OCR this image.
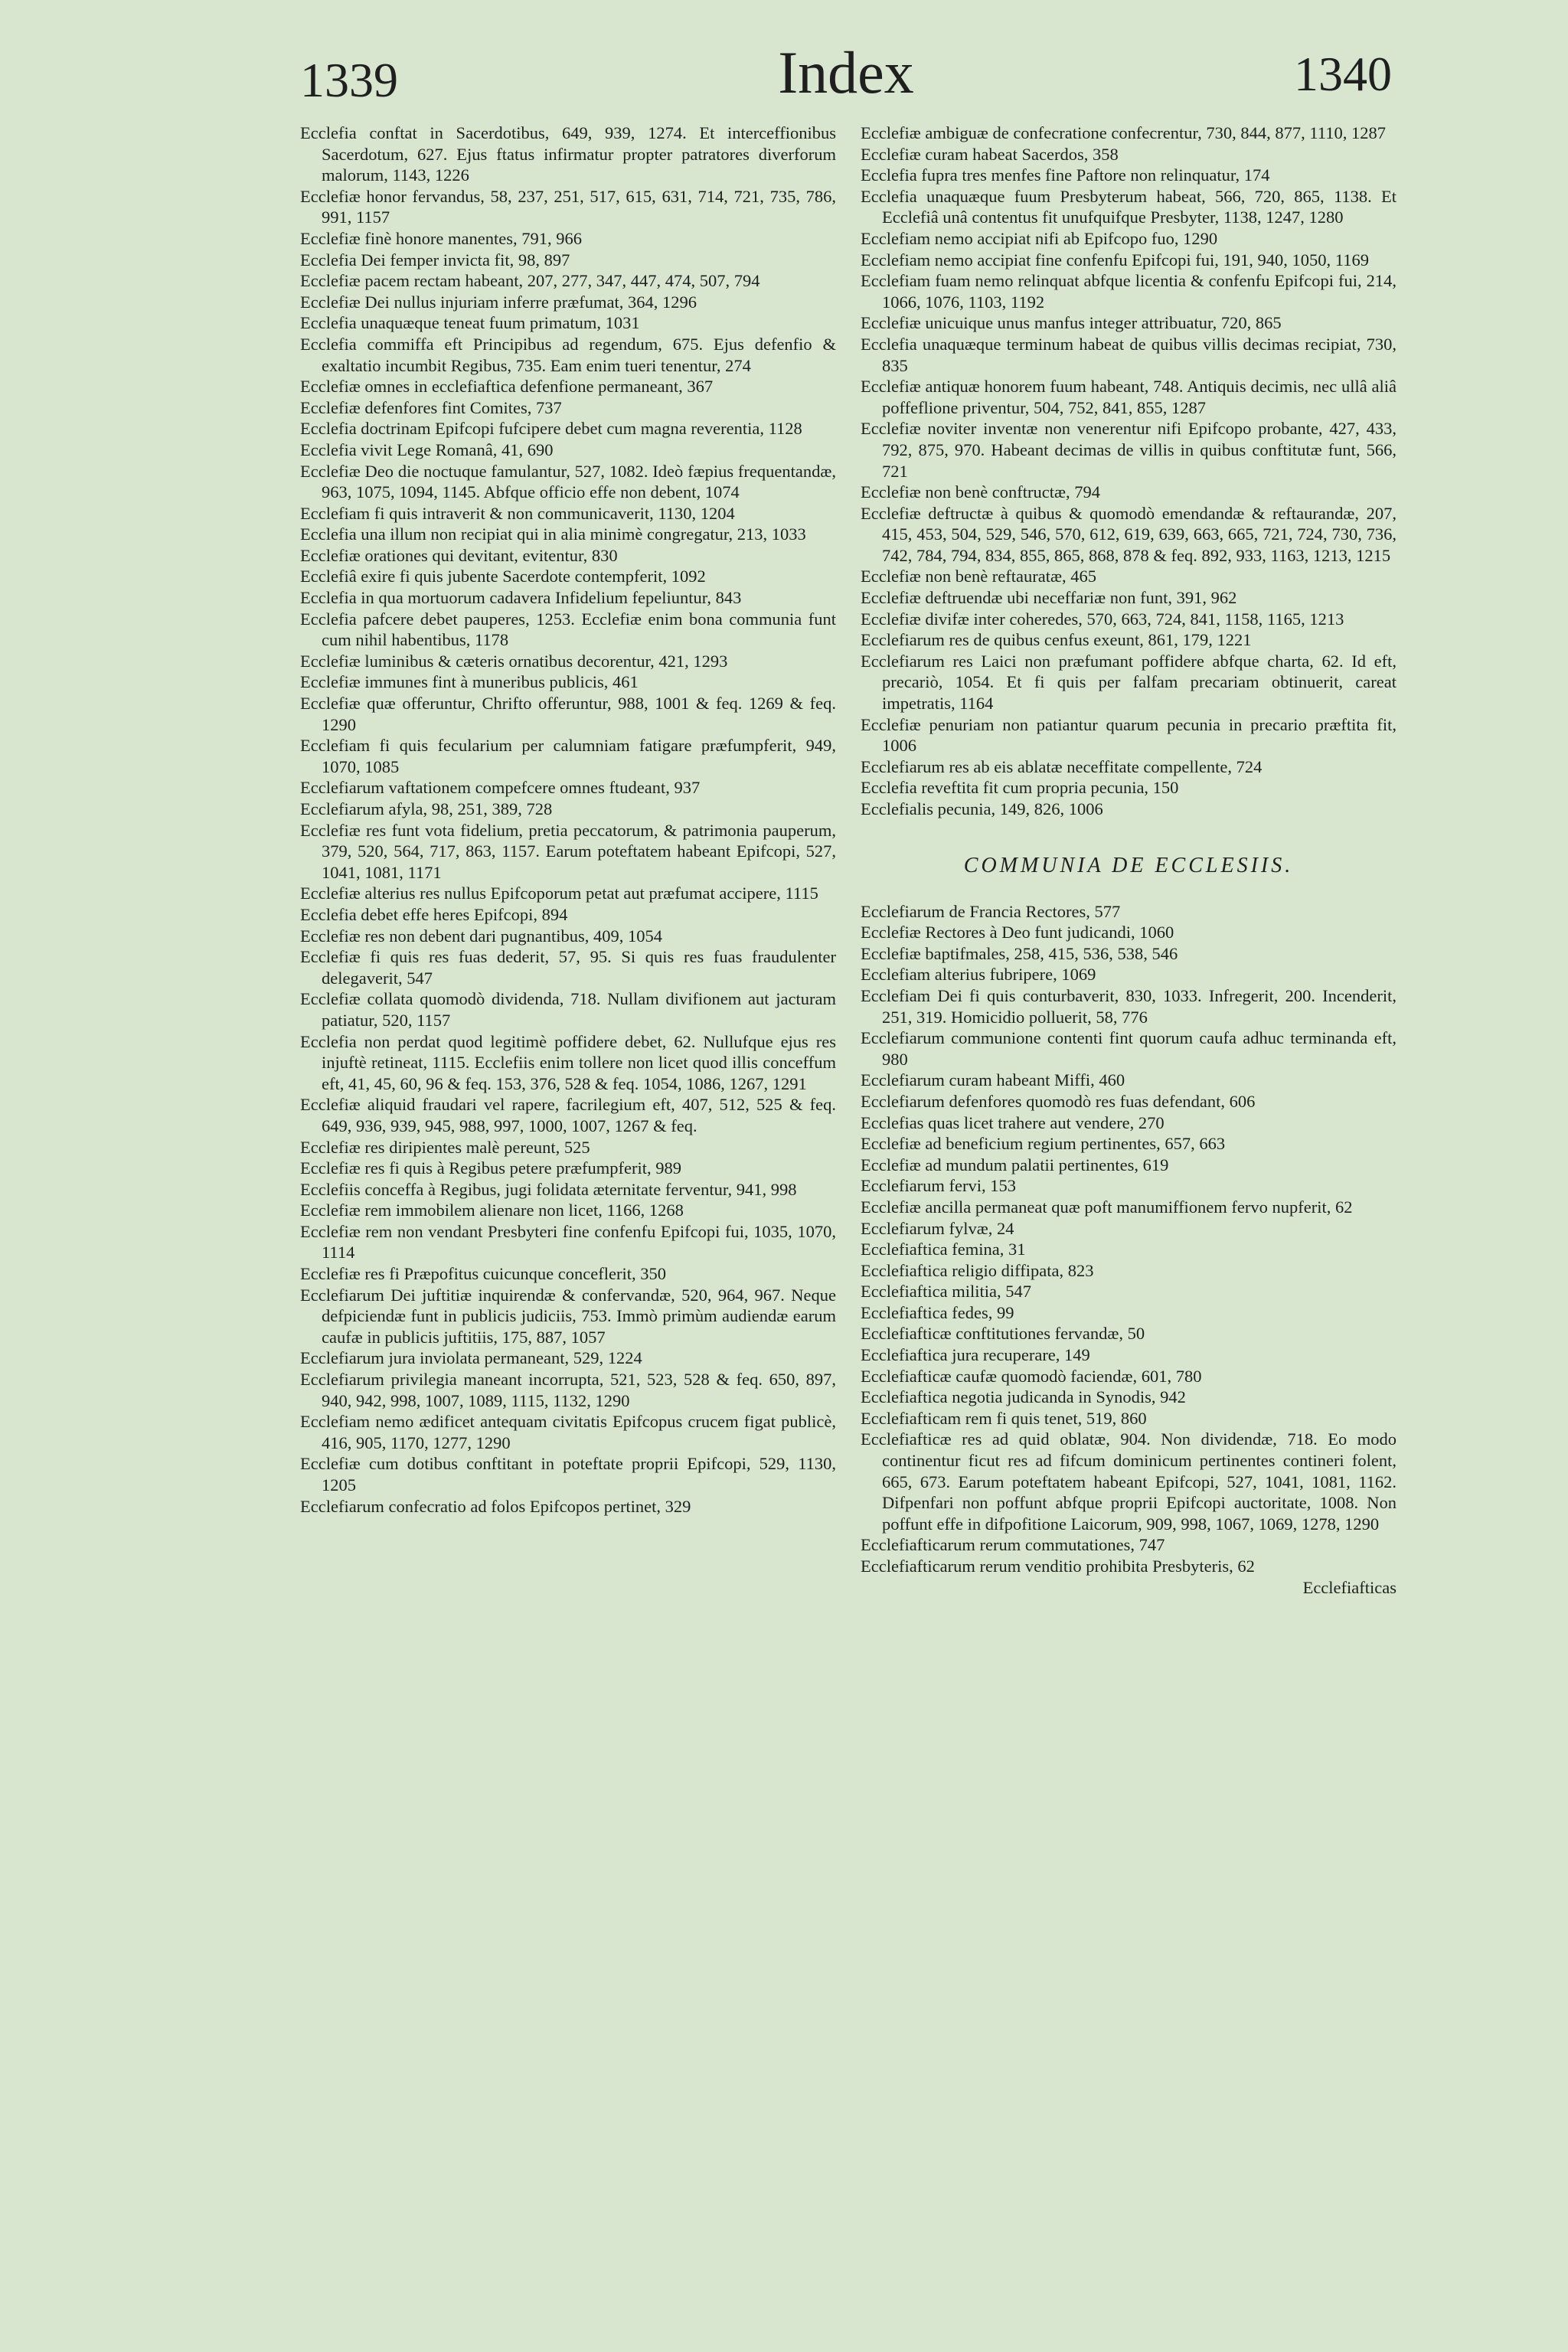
1339	Index	1340
Ecclefia conftat in Sacerdotibus, 649, 939, 1274. Et interceffionibus Sacerdotum, 627. Ejus ftatus infirmatur propter patratores diverforum malorum, 1143, 1226
Ecclefiæ honor fervandus, 58, 237, 251, 517, 615, 631, 714, 721, 735, 786, 991, 1157
Ecclefiæ finè honore manentes, 791, 966
Ecclefia Dei femper invicta fit, 98, 897
Ecclefiæ pacem rectam habeant, 207, 277, 347, 447, 474, 507, 794
Ecclefiæ Dei nullus injuriam inferre præfumat, 364, 1296
Ecclefia unaquæque teneat fuum primatum, 1031
Ecclefia commiffa eft Principibus ad regendum, 675. Ejus defenfio & exaltatio incumbit Regibus, 735. Eam enim tueri tenentur, 274
Ecclefiæ omnes in ecclefiaftica defenfione permaneant, 367
Ecclefiæ defenfores fint Comites, 737
Ecclefia doctrinam Epifcopi fufcipere debet cum magna reverentia, 1128
Ecclefia vivit Lege Romanâ, 41, 690
Ecclefiæ Deo die noctuque famulantur, 527, 1082. Ideò fæpius frequentandæ, 963, 1075, 1094, 1145. Abfque officio effe non debent, 1074
Ecclefiam fi quis intraverit & non communicaverit, 1130, 1204
Ecclefia una illum non recipiat qui in alia minimè congregatur, 213, 1033
Ecclefiæ orationes qui devitant, evitentur, 830
Ecclefiâ exire fi quis jubente Sacerdote contempferit, 1092
Ecclefia in qua mortuorum cadavera Infidelium fepeliuntur, 843
Ecclefia pafcere debet pauperes, 1253. Ecclefiæ enim bona communia funt cum nihil habentibus, 1178
Ecclefiæ luminibus & cæteris ornatibus decorentur, 421, 1293
Ecclefiæ immunes fint à muneribus publicis, 461
Ecclefiæ quæ offeruntur, Chrifto offeruntur, 988, 1001 & feq. 1269 & feq. 1290
Ecclefiam fi quis fecularium per calumniam fatigare præfumpferit, 949, 1070, 1085
Ecclefiarum vaftationem compefcere omnes ftudeant, 937
Ecclefiarum afyla, 98, 251, 389, 728
Ecclefiæ res funt vota fidelium, pretia peccatorum, & patrimonia pauperum, 379, 520, 564, 717, 863, 1157. Earum poteftatem habeant Epifcopi, 527, 1041, 1081, 1171
Ecclefiæ alterius res nullus Epifcoporum petat aut præfumat accipere, 1115
Ecclefia debet effe heres Epifcopi, 894
Ecclefiæ res non debent dari pugnantibus, 409, 1054
Ecclefiæ fi quis res fuas dederit, 57, 95. Si quis res fuas fraudulenter delegaverit, 547
Ecclefiæ collata quomodò dividenda, 718. Nullam divifionem aut jacturam patiatur, 520, 1157
Ecclefia non perdat quod legitimè poffidere debet, 62. Nullufque ejus res injuftè retineat, 1115. Ecclefiis enim tollere non licet quod illis conceffum eft, 41, 45, 60, 96 & feq. 153, 376, 528 & feq. 1054, 1086, 1267, 1291
Ecclefiæ aliquid fraudari vel rapere, facrilegium eft, 407, 512, 525 & feq. 649, 936, 939, 945, 988, 997, 1000, 1007, 1267 & feq.
Ecclefiæ res diripientes malè pereunt, 525
Ecclefiæ res fi quis à Regibus petere præfumpferit, 989
Ecclefiis conceffa à Regibus, jugi folidata æternitate ferventur, 941, 998
Ecclefiæ rem immobilem alienare non licet, 1166, 1268
Ecclefiæ rem non vendant Presbyteri fine confenfu Epifcopi fui, 1035, 1070, 1114
Ecclefiæ res fi Præpofitus cuicunque conceflerit, 350
Ecclefiarum Dei juftitiæ inquirendæ & confervandæ, 520, 964, 967. Neque defpiciendæ funt in publicis judiciis, 753. Immò primùm audiendæ earum caufæ in publicis juftitiis, 175, 887, 1057
Ecclefiarum jura inviolata permaneant, 529, 1224
Ecclefiarum privilegia maneant incorrupta, 521, 523, 528 & feq. 650, 897, 940, 942, 998, 1007, 1089, 1115, 1132, 1290
Ecclefiam nemo ædificet antequam civitatis Epifcopus crucem figat publicè, 416, 905, 1170, 1277, 1290
Ecclefiæ cum dotibus conftitant in poteftate proprii Epifcopi, 529, 1130, 1205
Ecclefiarum confecratio ad folos Epifcopos pertinet, 329
Ecclefiæ ambiguæ de confecratione confecrentur, 730, 844, 877, 1110, 1287
Ecclefiæ curam habeat Sacerdos, 358
Ecclefia fupra tres menfes fine Paftore non relinquatur, 174
Ecclefia unaquæque fuum Presbyterum habeat, 566, 720, 865, 1138. Et Ecclefiâ unâ contentus fit unufquifque Presbyter, 1138, 1247, 1280
Ecclefiam nemo accipiat nifi ab Epifcopo fuo, 1290
Ecclefiam nemo accipiat fine confenfu Epifcopi fui, 191, 940, 1050, 1169
Ecclefiam fuam nemo relinquat abfque licentia & confenfu Epifcopi fui, 214, 1066, 1076, 1103, 1192
Ecclefiæ unicuique unus manfus integer attribuatur, 720, 865
Ecclefia unaquæque terminum habeat de quibus villis decimas recipiat, 730, 835
Ecclefiæ antiquæ honorem fuum habeant, 748. Antiquis decimis, nec ullâ aliâ poffeflione priventur, 504, 752, 841, 855, 1287
Ecclefiæ noviter inventæ non venerentur nifi Epifcopo probante, 427, 433, 792, 875, 970. Habeant decimas de villis in quibus conftitutæ funt, 566, 721
Ecclefiæ non benè conftructæ, 794
Ecclefiæ deftructæ à quibus & quomodò emendandæ & reftaurandæ, 207, 415, 453, 504, 529, 546, 570, 612, 619, 639, 663, 665, 721, 724, 730, 736, 742, 784, 794, 834, 855, 865, 868, 878 & feq. 892, 933, 1163, 1213, 1215
Ecclefiæ non benè reftauratæ, 465
Ecclefiæ deftruendæ ubi neceffariæ non funt, 391, 962
Ecclefiæ divifæ inter coheredes, 570, 663, 724, 841, 1158, 1165, 1213
Ecclefiarum res de quibus cenfus exeunt, 861, 179, 1221
Ecclefiarum res Laici non præfumant poffidere abfque charta, 62. Id eft, precariò, 1054. Et fi quis per falfam precariam obtinuerit, careat impetratis, 1164
Ecclefiæ penuriam non patiantur quarum pecunia in precario præftita fit, 1006
Ecclefiarum res ab eis ablatæ neceffitate compellente, 724
Ecclefia reveftita fit cum propria pecunia, 150
Ecclefialis pecunia, 149, 826, 1006
COMMUNIA DE ECCLESIIS.
Ecclefiarum de Francia Rectores, 577
Ecclefiæ Rectores à Deo funt judicandi, 1060
Ecclefiæ baptifmales, 258, 415, 536, 538, 546
Ecclefiam alterius fubripere, 1069
Ecclefiam Dei fi quis conturbaverit, 830, 1033. Infregerit, 200. Incenderit, 251, 319. Homicidio polluerit, 58, 776
Ecclefiarum communione contenti fint quorum caufa adhuc terminanda eft, 980
Ecclefiarum curam habeant Miffi, 460
Ecclefiarum defenfores quomodò res fuas defendant, 606
Ecclefias quas licet trahere aut vendere, 270
Ecclefiæ ad beneficium regium pertinentes, 657, 663
Ecclefiæ ad mundum palatii pertinentes, 619
Ecclefiarum fervi, 153
Ecclefiæ ancilla permaneat quæ poft manumiffionem fervo nupferit, 62
Ecclefiarum fylvæ, 24
Ecclefiaftica femina, 31
Ecclefiaftica religio diffipata, 823
Ecclefiaftica militia, 547
Ecclefiaftica fedes, 99
Ecclefiafticæ conftitutiones fervandæ, 50
Ecclefiaftica jura recuperare, 149
Ecclefiafticæ caufæ quomodò faciendæ, 601, 780
Ecclefiaftica negotia judicanda in Synodis, 942
Ecclefiafticam rem fi quis tenet, 519, 860
Ecclefiafticæ res ad quid oblatæ, 904. Non dividendæ, 718. Eo modo continentur ficut res ad fifcum dominicum pertinentes contineri folent, 665, 673. Earum poteftatem habeant Epifcopi, 527, 1041, 1081, 1162. Difpenfari non poffunt abfque proprii Epifcopi auctoritate, 1008. Non poffunt effe in difpofitione Laicorum, 909, 998, 1067, 1069, 1278, 1290
Ecclefiafticarum rerum commutationes, 747
Ecclefiafticarum rerum venditio prohibita Presbyteris, 62
Ecclefiafticas
